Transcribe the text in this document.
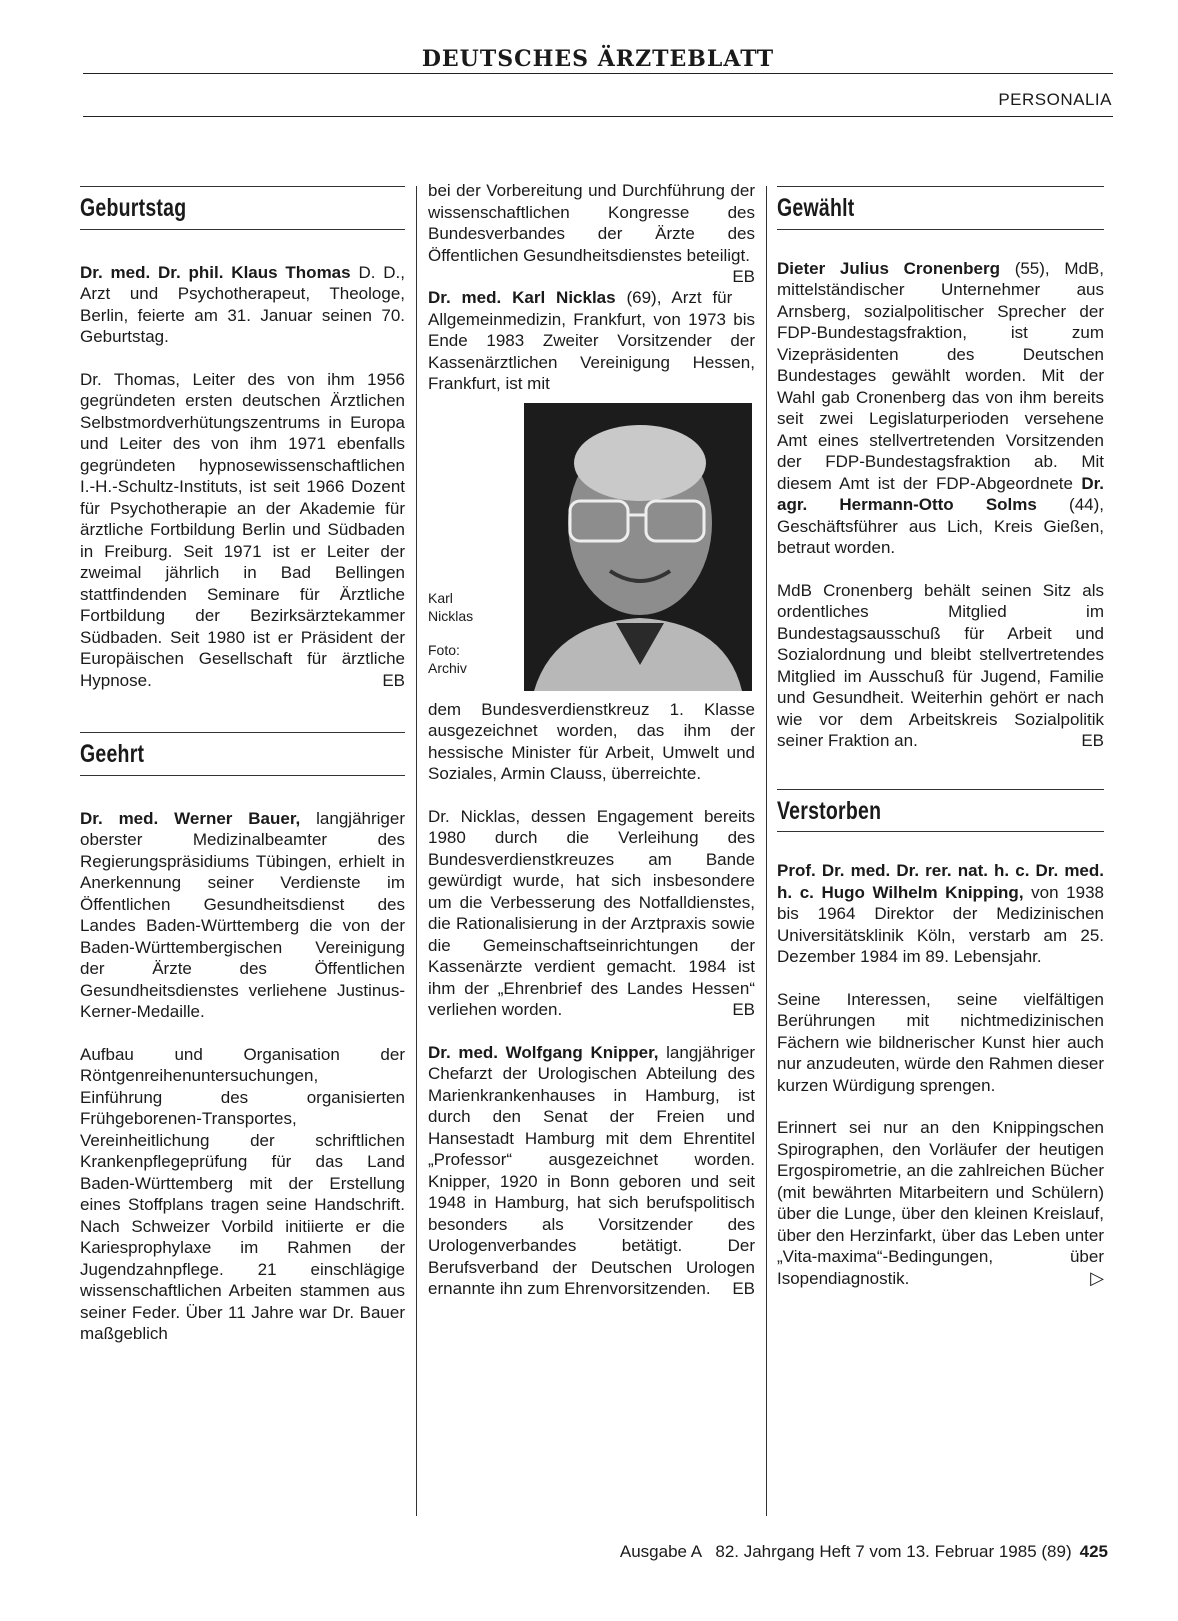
DEUTSCHES ÄRZTEBLATT
PERSONALIA
Geburtstag

Dr. med. Dr. phil. Klaus Thomas D. D., Arzt und Psychotherapeut, Theologe, Berlin, feierte am 31. Januar seinen 70. Geburtstag.

Dr. Thomas, Leiter des von ihm 1956 gegründeten ersten deutschen Ärztlichen Selbstmordverhütungszentrums in Europa und Leiter des von ihm 1971 ebenfalls gegründeten hypnosewissenschaftlichen I.-H.-Schultz-Instituts, ist seit 1966 Dozent für Psychotherapie an der Akademie für ärztliche Fortbildung Berlin und Südbaden in Freiburg. Seit 1971 ist er Leiter der zweimal jährlich in Bad Bellingen stattfindenden Seminare für Ärztliche Fortbildung der Bezirksärztekammer Südbaden. Seit 1980 ist er Präsident der Europäischen Gesellschaft für ärztliche Hypnose.	EB

Geehrt

Dr. med. Werner Bauer, langjähriger oberster Medizinalbeamter des Regierungspräsidiums Tübingen, erhielt in Anerkennung seiner Verdienste im Öffentlichen Gesundheitsdienst des Landes Baden-Württemberg die von der Baden-Württembergischen Vereinigung der Ärzte des Öffentlichen Gesundheitsdienstes verliehene Justinus-Kerner-Medaille.

Aufbau und Organisation der Röntgenreihenuntersuchungen, Einführung des organisierten Frühgeborenen-Transportes, Vereinheitlichung der schriftlichen Krankenpflegeprüfung für das Land Baden-Württemberg mit der Erstellung eines Stoffplans tragen seine Handschrift. Nach Schweizer Vorbild initiierte er die Kariesprophylaxe im Rahmen der Jugendzahnpflege. 21 einschlägige wissenschaftlichen Arbeiten stammen aus seiner Feder. Über 11 Jahre war Dr. Bauer maßgeblich

bei der Vorbereitung und Durchführung der wissenschaftlichen Kongresse des Bundesverbandes der Ärzte des Öffentlichen Gesundheitsdienstes beteiligt.
EB

Dr. med. Karl Nicklas (69), Arzt für Allgemeinmedizin, Frankfurt, von 1973 bis Ende 1983 Zweiter Vorsitzender der Kassenärztlichen Vereinigung Hessen, Frankfurt, ist mit

Karl Nicklas
Foto: Archiv

dem Bundesverdienstkreuz 1. Klasse ausgezeichnet worden, das ihm der hessische Minister für Arbeit, Umwelt und Soziales, Armin Clauss, überreichte.

Dr. Nicklas, dessen Engagement bereits 1980 durch die Verleihung des Bundesverdienstkreuzes am Bande gewürdigt wurde, hat sich insbesondere um die Verbesserung des Notfalldienstes, die Rationalisierung in der Arztpraxis sowie die Gemeinschaftseinrichtungen der Kassenärzte verdient gemacht. 1984 ist ihm der „Ehrenbrief des Landes Hessen“ verliehen worden.	EB

Dr. med. Wolfgang Knipper, langjähriger Chefarzt der Urologischen Abteilung des Marienkrankenhauses in Hamburg, ist durch den Senat der Freien und Hansestadt Hamburg mit dem Ehrentitel „Professor“ ausgezeichnet worden. Knipper, 1920 in Bonn geboren und seit 1948 in Hamburg, hat sich berufspolitisch besonders als Vorsitzender des Urologenverbandes betätigt. Der Berufsverband der Deutschen Urologen ernannte ihn zum Ehrenvorsitzenden. EB

Gewählt

Dieter Julius Cronenberg (55), MdB, mittelständischer Unternehmer aus Arnsberg, sozialpolitischer Sprecher der FDP-Bundestagsfraktion, ist zum Vizepräsidenten des Deutschen Bundestages gewählt worden. Mit der Wahl gab Cronenberg das von ihm bereits seit zwei Legislaturperioden versehene Amt eines stellvertretenden Vorsitzenden der FDP-Bundestagsfraktion ab. Mit diesem Amt ist der FDP-Abgeordnete Dr. agr. Hermann-Otto Solms (44), Geschäftsführer aus Lich, Kreis Gießen, betraut worden.

MdB Cronenberg behält seinen Sitz als ordentliches Mitglied im Bundestagsausschuß für Arbeit und Sozialordnung und bleibt stellvertretendes Mitglied im Ausschuß für Jugend, Familie und Gesundheit. Weiterhin gehört er nach wie vor dem Arbeitskreis Sozialpolitik seiner Fraktion an.	EB

Verstorben

Prof. Dr. med. Dr. rer. nat. h. c. Dr. med. h. c. Hugo Wilhelm Knipping, von 1938 bis 1964 Direktor der Medizinischen Universitätsklinik Köln, verstarb am 25. Dezember 1984 im 89. Lebensjahr.

Seine Interessen, seine vielfältigen Berührungen mit nichtmedizinischen Fächern wie bildnerischer Kunst hier auch nur anzudeuten, würde den Rahmen dieser kurzen Würdigung sprengen.

Erinnert sei nur an den Knippingschen Spirographen, den Vorläufer der heutigen Ergospirometrie, an die zahlreichen Bücher (mit bewährten Mitarbeitern und Schülern) über die Lunge, über den kleinen Kreislauf, über den Herzinfarkt, über das Leben unter „Vita-maxima“-Bedingungen, über Isopendiagnostik.	▷

Ausgabe A   82. Jahrgang Heft 7 vom 13. Februar 1985 (89) 425
